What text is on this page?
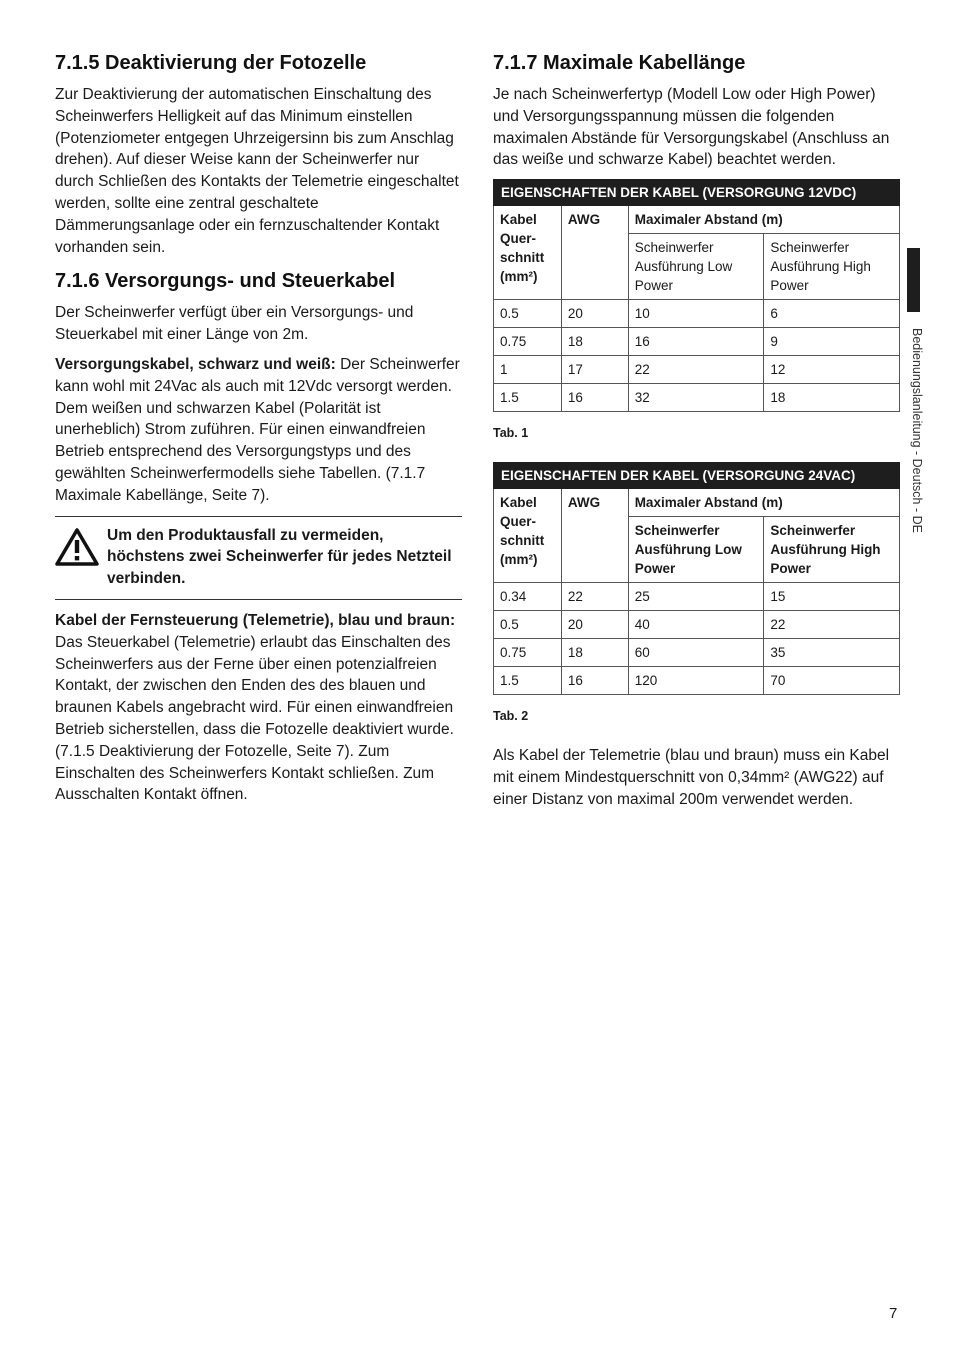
7.1.5 Deaktivierung der Fotozelle

Zur Deaktivierung der automatischen Einschaltung des Scheinwerfers Helligkeit auf das Minimum einstellen (Potenziometer entgegen Uhrzeigersinn bis zum Anschlag drehen). Auf dieser Weise kann der Scheinwerfer nur durch Schließen des Kontakts der Telemetrie eingeschaltet werden, sollte eine zentral geschaltete Dämmerungsanlage oder ein fernzuschaltender Kontakt vorhanden sein.

7.1.6 Versorgungs- und Steuerkabel

Der Scheinwerfer verfügt über ein Versorgungs- und Steuerkabel mit einer Länge von 2m.

Versorgungskabel, schwarz und weiß: Der Scheinwerfer kann wohl mit 24Vac als auch mit 12Vdc versorgt werden. Dem weißen und schwarzen Kabel (Polarität ist unerheblich) Strom zuführen. Für einen einwandfreien Betrieb entsprechend des Versorgungstyps und des gewählten Scheinwerfermodells siehe Tabellen. (7.1.7 Maximale Kabellänge, Seite 7).

Um den Produktausfall zu vermeiden, höchstens zwei Scheinwerfer für jedes Netzteil verbinden.

Kabel der Fernsteuerung (Telemetrie), blau und braun: Das Steuerkabel (Telemetrie) erlaubt das Einschalten des Scheinwerfers aus der Ferne über einen potenzialfreien Kontakt, der zwischen den Enden des des blauen und braunen Kabels angebracht wird. Für einen einwandfreien Betrieb sicherstellen, dass die Fotozelle deaktiviert wurde. (7.1.5 Deaktivierung der Fotozelle, Seite 7). Zum Einschalten des Scheinwerfers Kontakt schließen. Zum Ausschalten Kontakt öffnen.

7.1.7 Maximale Kabellänge

Je nach Scheinwerfertyp (Modell Low oder High Power) und Versorgungsspannung müssen die folgenden maximalen Abstände für Versorgungskabel (Anschluss an das weiße und schwarze Kabel) beachtet werden.

EIGENSCHAFTEN DER KABEL (VERSORGUNG 12VDC)			
Kabel Quer-schnitt (mm²)	AWG	Maximaler Abstand (m)	
		Scheinwerfer Ausführung Low Power	Scheinwerfer Ausführung High Power
0.5	20	10	6
0.75	18	16	9
1	17	22	12
1.5	16	32	18
Tab. 1
EIGENSCHAFTEN DER KABEL (VERSORGUNG 24VAC)			
Kabel Quer-schnitt (mm²)	AWG	Maximaler Abstand (m)	
		Scheinwerfer Ausführung Low Power	Scheinwerfer Ausführung High Power
0.34	22	25	15
0.5	20	40	22
0.75	18	60	35
1.5	16	120	70
Tab. 2

Als Kabel der Telemetrie (blau und braun) muss ein Kabel mit einem Mindestquerschnitt von 0,34mm² (AWG22) auf einer Distanz von maximal 200m verwendet werden.

Bedienungslanleitung - Deutsch - DE
7
